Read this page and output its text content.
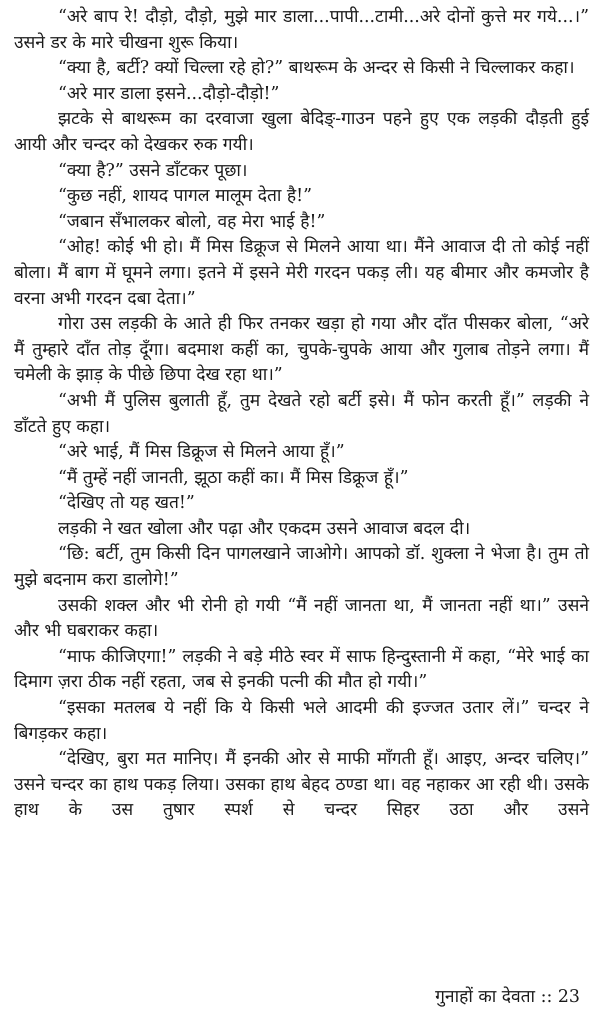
“अरे बाप रे! दौड़ो, दौड़ो, मुझे मार डाला...पापी...टामी...अरे दोनों कुत्ते मर गये...।” उसने डर के मारे चीखना शुरू किया।

“क्या है, बर्टी? क्यों चिल्ला रहे हो?” बाथरूम के अन्दर से किसी ने चिल्लाकर कहा।

“अरे मार डाला इसने...दौड़ो-दौड़ो!”

झटके से बाथरूम का दरवाजा खुला बेदिङ्-गाउन पहने हुए एक लड़की दौड़ती हुई आयी और चन्दर को देखकर रुक गयी।

“क्या है?” उसने डाँटकर पूछा।

“कुछ नहीं, शायद पागल मालूम देता है!”

“जबान सँभालकर बोलो, वह मेरा भाई है!”

“ओह! कोई भी हो। मैं मिस डिक्रूज से मिलने आया था। मैंने आवाज दी तो कोई नहीं बोला। मैं बाग में घूमने लगा। इतने में इसने मेरी गरदन पकड़ ली। यह बीमार और कमजोर है वरना अभी गरदन दबा देता।”

गोरा उस लड़की के आते ही फिर तनकर खड़ा हो गया और दाँत पीसकर बोला, “अरे मैं तुम्हारे दाँत तोड़ दूँगा। बदमाश कहीं का, चुपके-चुपके आया और गुलाब तोड़ने लगा। मैं चमेली के झाड़ के पीछे छिपा देख रहा था।”

“अभी मैं पुलिस बुलाती हूँ, तुम देखते रहो बर्टी इसे। मैं फोन करती हूँ।” लड़की ने डाँटते हुए कहा।

“अरे भाई, मैं मिस डिक्रूज से मिलने आया हूँ।”

“मैं तुम्हें नहीं जानती, झूठा कहीं का। मैं मिस डिक्रूज हूँ।”

“देखिए तो यह खत!”

लड़की ने खत खोला और पढ़ा और एकदम उसने आवाज बदल दी।

“छि: बर्टी, तुम किसी दिन पागलखाने जाओगे। आपको डॉ. शुक्ला ने भेजा है। तुम तो मुझे बदनाम करा डालोगे!”

उसकी शक्ल और भी रोनी हो गयी “मैं नहीं जानता था, मैं जानता नहीं था।” उसने और भी घबराकर कहा।

“माफ कीजिएगा!” लड़की ने बड़े मीठे स्वर में साफ हिन्दुस्तानी में कहा, “मेरे भाई का दिमाग ज़रा ठीक नहीं रहता, जब से इनकी पत्नी की मौत हो गयी।”

“इसका मतलब ये नहीं कि ये किसी भले आदमी की इज्जत उतार लें।” चन्दर ने बिगड़कर कहा।

“देखिए, बुरा मत मानिए। मैं इनकी ओर से माफी माँगती हूँ। आइए, अन्दर चलिए।” उसने चन्दर का हाथ पकड़ लिया। उसका हाथ बेहद ठण्डा था। वह नहाकर आ रही थी। उसके हाथ के उस तुषार स्पर्श से चन्दर सिहर उठा और उसने

गुनाहों का देवता :: 23
